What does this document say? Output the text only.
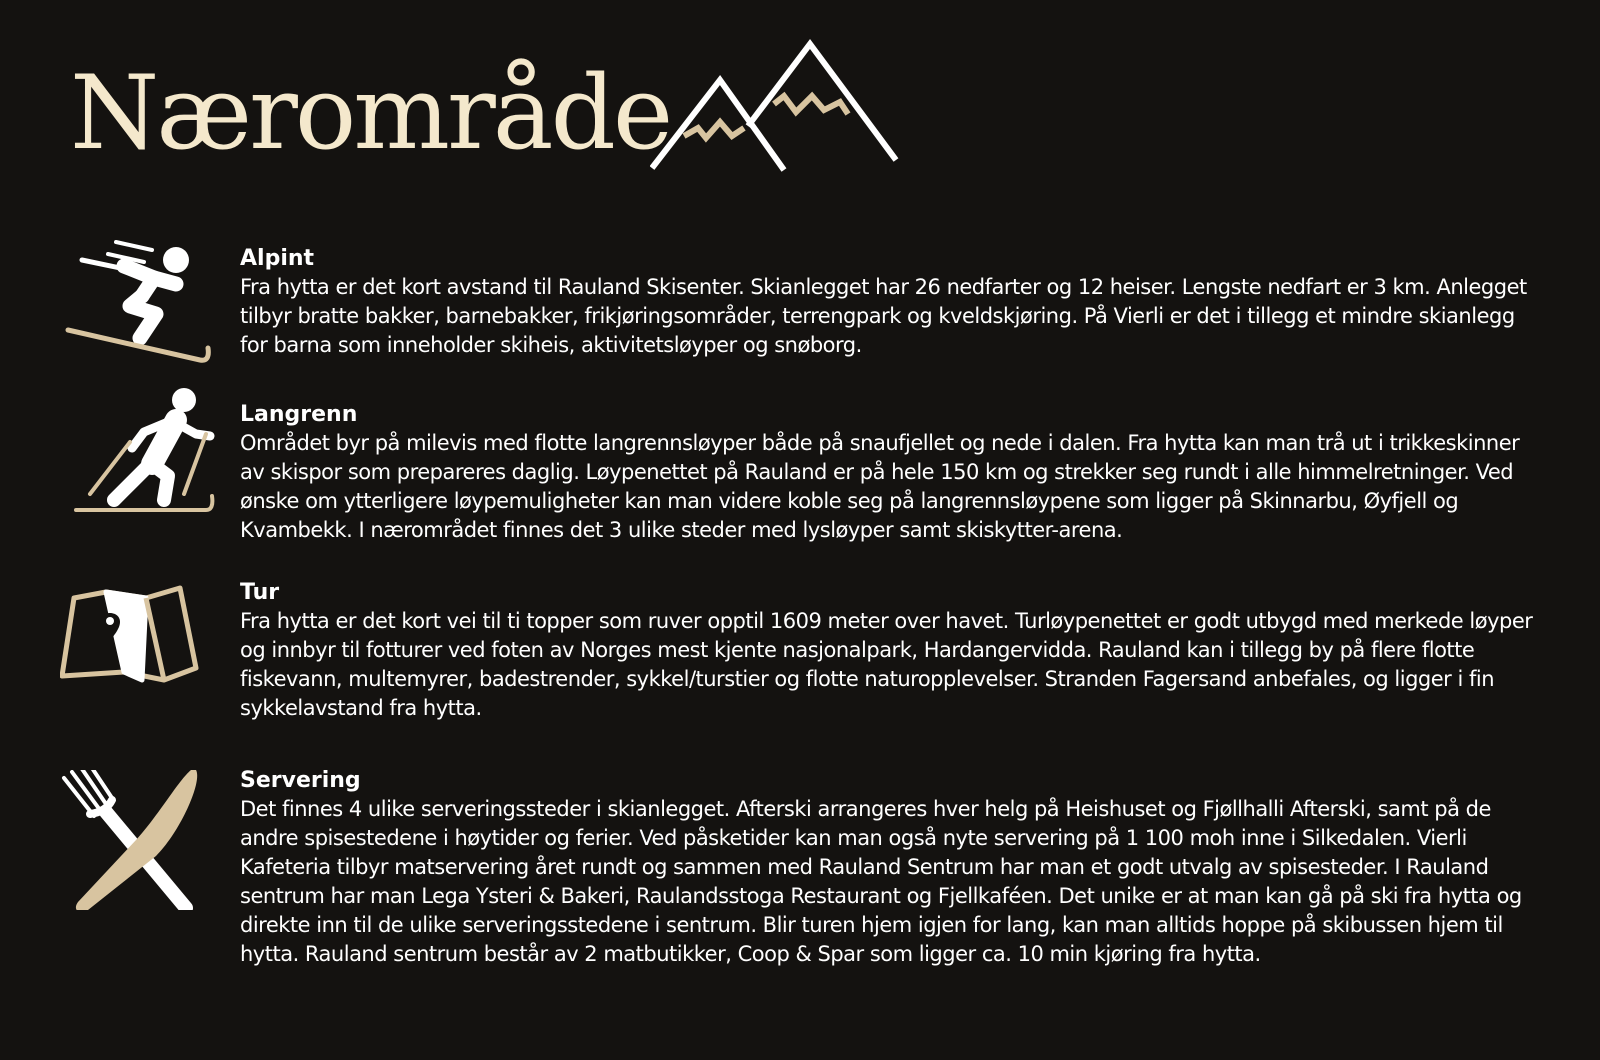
Nærområde
Alpint

Fra hytta er det kort avstand til Rauland Skisenter. Skianlegget har 26 nedfarter og 12 heiser. Lengste nedfart er 3 km. Anlegget tilbyr bratte bakker, barnebakker, frikjøringsområder, terrengpark og kveldskjøring. På Vierli er det i tillegg et mindre skianlegg for barna som inneholder skiheis, aktivitetsløyper og snøborg.

Langrenn

Området byr på milevis med flotte langrennsløyper både på snaufjellet og nede i dalen. Fra hytta kan man trå ut i trikkeskinner av skispor som prepareres daglig. Løypenettet på Rauland er på hele 150 km og strekker seg rundt i alle himmelretninger. Ved ønske om ytterligere løypemuligheter kan man videre koble seg på langrennsløypene som ligger på Skinnarbu, Øyfjell og Kvambekk. I nærområdet finnes det 3 ulike steder med lysløyper samt skiskytter-arena.

Tur

Fra hytta er det kort vei til ti topper som ruver opptil 1609 meter over havet. Turløypenettet er godt utbygd med merkede løyper og innbyr til fotturer ved foten av Norges mest kjente nasjonalpark, Hardangervidda. Rauland kan i tillegg by på flere flotte fiskevann, multemyrer, badestrender, sykkel/turstier og flotte naturopplevelser. Stranden Fagersand anbefales, og ligger i fin sykkelavstand fra hytta.

Servering

Det finnes 4 ulike serveringssteder i skianlegget. Afterski arrangeres hver helg på Heishuset og Fjøllhalli Afterski, samt på de andre spisestedene i høytider og ferier. Ved påsketider kan man også nyte servering på 1 100 moh inne i Silkedalen. Vierli Kafeteria tilbyr matservering året rundt og sammen med Rauland Sentrum har man et godt utvalg av spisesteder. I Rauland sentrum har man Lega Ysteri & Bakeri, Raulandsstoga Restaurant og Fjellkaféen. Det unike er at man kan gå på ski fra hytta og direkte inn til de ulike serveringsstedene i sentrum. Blir turen hjem igjen for lang, kan man alltids hoppe på skibussen hjem til hytta. Rauland sentrum består av 2 matbutikker, Coop & Spar som ligger ca. 10 min kjøring fra hytta.
